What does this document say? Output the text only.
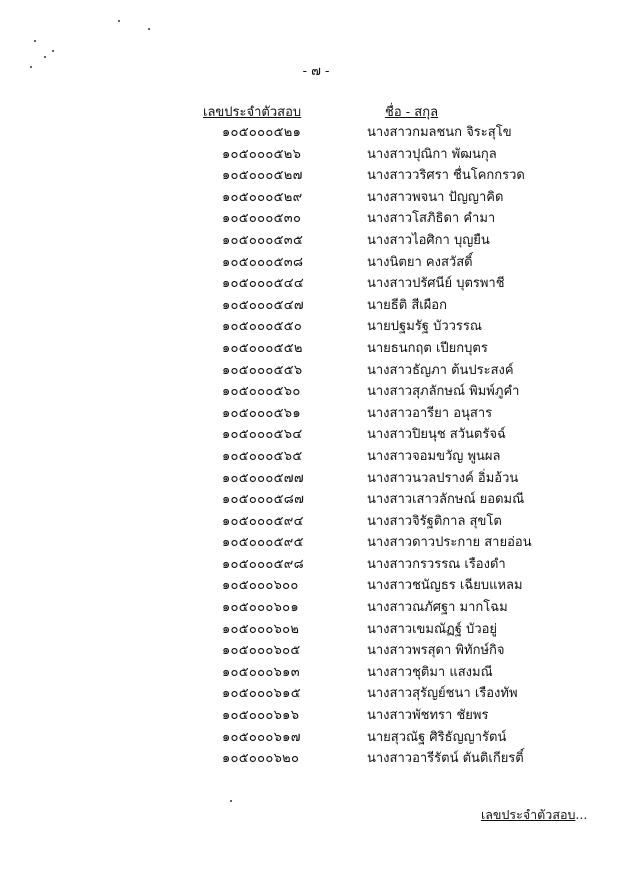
- ๗ -
เลขประจำตัวสอบ	ชื่อ - สกุล
๑๐๕๐๐๐๕๒๑	นางสาวกมลชนก จิระสุโข
๑๐๕๐๐๐๕๒๖	นางสาวปุณิกา พัฒนกุล
๑๐๕๐๐๐๕๒๗	นางสาววริศรา ชื่นโคกกรวด
๑๐๕๐๐๐๕๒๙	นางสาวพจนา ปัญญาคิด
๑๐๕๐๐๐๕๓๐	นางสาวโสภิธิดา คำมา
๑๐๕๐๐๐๕๓๕	นางสาวไอศิกา บุญยืน
๑๐๕๐๐๐๕๓๘	นางนิตยา คงสวัสดิ์
๑๐๕๐๐๐๕๔๔	นางสาวปรัศนีย์ บุตรพาชี
๑๐๕๐๐๐๕๔๗	นายธีติ สีเผือก
๑๐๕๐๐๐๕๕๐	นายปฐมรัฐ บัววรรณ
๑๐๕๐๐๐๕๕๒	นายธนกฤต เปียกบุตร
๑๐๕๐๐๐๕๕๖	นางสาวธัญภา ต้นประสงค์
๑๐๕๐๐๐๕๖๐	นางสาวสุภลักษณ์ พิมพ์ภูคำ
๑๐๕๐๐๐๕๖๑	นางสาวอารียา อนุสาร
๑๐๕๐๐๐๕๖๔	นางสาวปิยนุช สวันตรัจฉ์
๑๐๕๐๐๐๕๖๕	นางสาวจอมขวัญ พูนผล
๑๐๕๐๐๐๕๗๗	นางสาวนวลปรางค์ อิ่มอ้วน
๑๐๕๐๐๐๕๘๗	นางสาวเสาวลักษณ์ ยอดมณี
๑๐๕๐๐๐๕๙๔	นางสาวจิรัฐติกาล สุขโต
๑๐๕๐๐๐๕๙๕	นางสาวดาวประกาย สายอ่อน
๑๐๕๐๐๐๕๙๘	นางสาวกรวรรณ เรืองดำ
๑๐๕๐๐๐๖๐๐	นางสาวชนัญธร เฉียบแหลม
๑๐๕๐๐๐๖๐๑	นางสาวณภัศฐา มากโฉม
๑๐๕๐๐๐๖๐๒	นางสาวเขมณัฏฐ์ บัวอยู่
๑๐๕๐๐๐๖๐๕	นางสาวพรสุดา พิทักษ์กิจ
๑๐๕๐๐๐๖๑๓	นางสาวชุติมา แสงมณี
๑๐๕๐๐๐๖๑๕	นางสาวสุรัญย์ชนา เรืองทัพ
๑๐๕๐๐๐๖๑๖	นางสาวพัชทรา ชัยพร
๑๐๕๐๐๐๖๑๗	นายสุวณัฐ ศิริธัญญารัตน์
๑๐๕๐๐๐๖๒๐	นางสาวอารีรัตน์ ตันติเกียรติ์
เลขประจำตัวสอบ...
